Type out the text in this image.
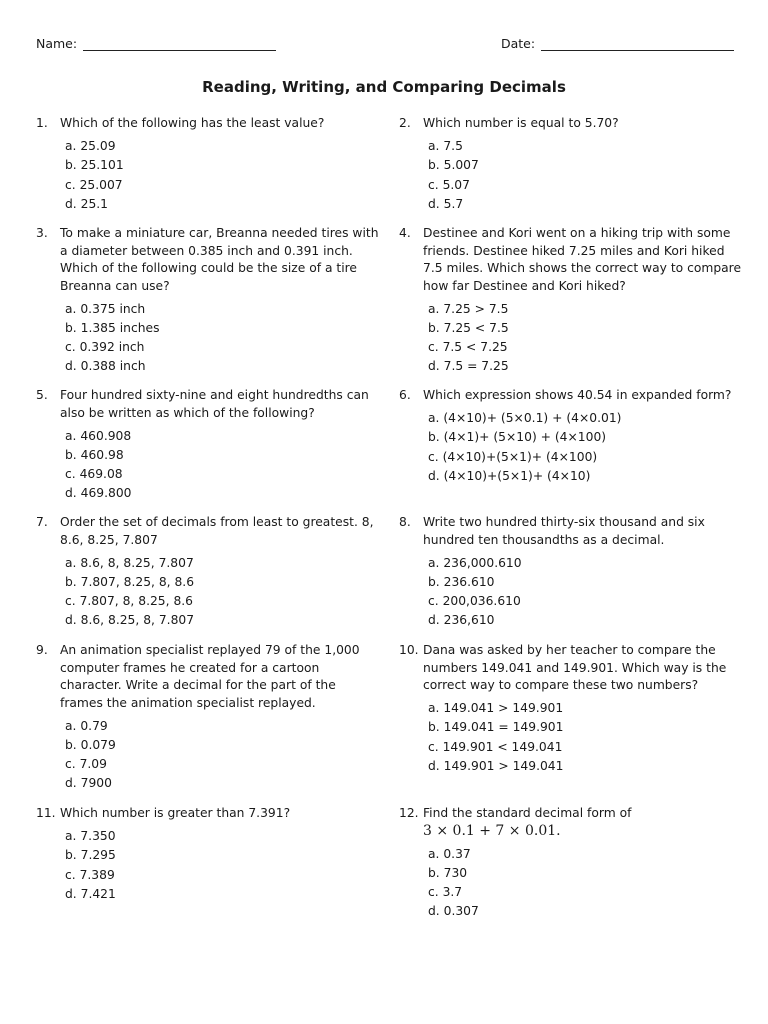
Name:	Date:
Reading, Writing, and Comparing Decimals
1. Which of the following has the least value?
a. 25.09
b. 25.101
c. 25.007
d. 25.1
2. Which number is equal to 5.70?
a. 7.5
b. 5.007
c. 5.07
d. 5.7
3. To make a miniature car, Breanna needed tires with a diameter between 0.385 inch and 0.391 inch. Which of the following could be the size of a tire Breanna can use?
a. 0.375 inch
b. 1.385 inches
c. 0.392 inch
d. 0.388 inch
4. Destinee and Kori went on a hiking trip with some friends. Destinee hiked 7.25 miles and Kori hiked 7.5 miles. Which shows the correct way to compare how far Destinee and Kori hiked?
a. 7.25 > 7.5
b. 7.25 < 7.5
c. 7.5 < 7.25
d. 7.5 = 7.25
5. Four hundred sixty-nine and eight hundredths can also be written as which of the following?
a. 460.908
b. 460.98
c. 469.08
d. 469.800
6. Which expression shows 40.54 in expanded form?
a. (4×10)+ (5×0.1) + (4×0.01)
b. (4×1)+ (5×10) + (4×100)
c. (4×10)+(5×1)+ (4×100)
d. (4×10)+(5×1)+ (4×10)
7. Order the set of decimals from least to greatest. 8, 8.6, 8.25, 7.807
a. 8.6, 8, 8.25, 7.807
b. 7.807, 8.25, 8, 8.6
c. 7.807, 8, 8.25, 8.6
d. 8.6, 8.25, 8, 7.807
8. Write two hundred thirty-six thousand and six hundred ten thousandths as a decimal.
a. 236,000.610
b. 236.610
c. 200,036.610
d. 236,610
9. An animation specialist replayed 79 of the 1,000 computer frames he created for a cartoon character. Write a decimal for the part of the frames the animation specialist replayed.
a. 0.79
b. 0.079
c. 7.09
d. 7900
10. Dana was asked by her teacher to compare the numbers 149.041 and 149.901. Which way is the correct way to compare these two numbers?
a. 149.041 > 149.901
b. 149.041 = 149.901
c. 149.901 < 149.041
d. 149.901 > 149.041
11. Which number is greater than 7.391?
a. 7.350
b. 7.295
c. 7.389
d. 7.421
12. Find the standard decimal form of
3 × 0.1 + 7 × 0.01.
a. 0.37
b. 730
c. 3.7
d. 0.307
